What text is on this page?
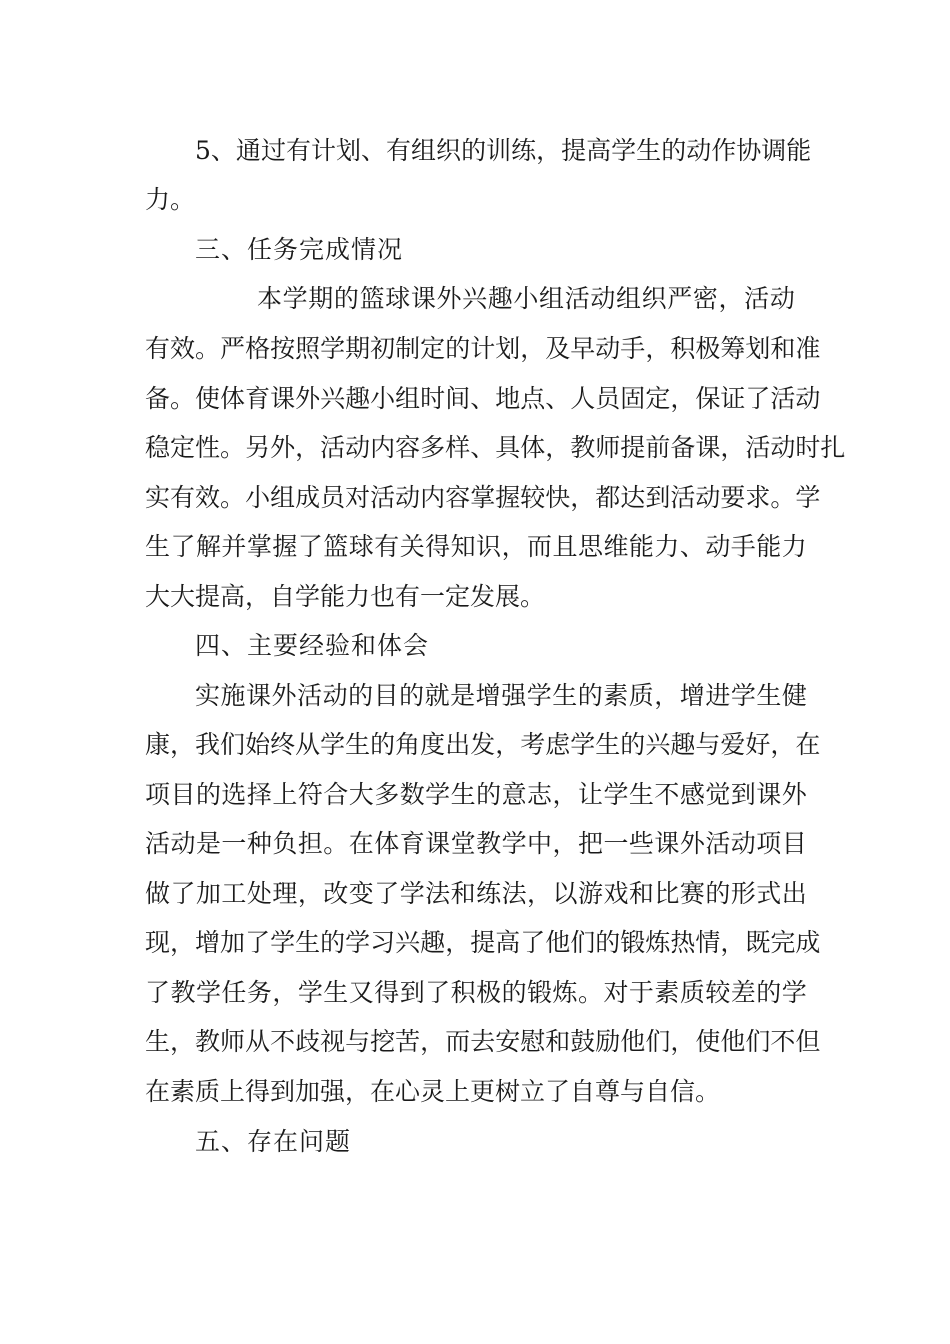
5 、 通 过 有 计 划 、 有 组 织 的 训 练 ， 提 高 学 生 的 动 作 协 调 能
力。
三、任务完成情况
本 学 期 的 篮 球 课 外 兴 趣 小 组 活 动 组 织 严 密 ， 活 动
有 效 。 严 格 按 照 学 期 初 制 定 的 计 划 ， 及 早 动 手 ， 积 极 筹 划 和 准
备 。 使 体 育 课 外 兴 趣 小 组 时 间 、 地 点 、 人 员 固 定 ， 保 证 了 活 动
稳 定 性 。 另 外 ， 活 动 内 容 多 样 、 具 体 ， 教 师 提 前 备 课 ， 活 动 时 扎
实 有 效 。 小 组 成 员 对 活 动 内 容 掌 握 较 快 ， 都 达 到 活 动 要 求 。 学
生 了 解 并 掌 握 了 篮 球 有 关 得 知 识 ， 而 且 思 维 能 力 、 动 手 能 力
大大提高，自学能力也有一定发展。
四、主要经验和体会
实 施 课 外 活 动 的 目 的 就 是 增 强 学 生 的 素 质 ， 增 进 学 生 健
康 ， 我 们 始 终 从 学 生 的 角 度 出 发 ， 考 虑 学 生 的 兴 趣 与 爱 好 ， 在
项 目 的 选 择 上 符 合 大 多 数 学 生 的 意 志 ， 让 学 生 不 感 觉 到 课 外
活 动 是 一 种 负 担 。 在 体 育 课 堂 教 学 中 ， 把 一 些 课 外 活 动 项 目
做 了 加 工 处 理 ， 改 变 了 学 法 和 练 法 ， 以 游 戏 和 比 赛 的 形 式 出
现 ， 增 加 了 学 生 的 学 习 兴 趣 ， 提 高 了 他 们 的 锻 炼 热 情 ， 既 完 成
了 教 学 任 务 ， 学 生 又 得 到 了 积 极 的 锻 炼 。 对 于 素 质 较 差 的 学
生 ， 教 师 从 不 歧 视 与 挖 苦 ， 而 去 安 慰 和 鼓 励 他 们 ， 使 他 们 不 但
在素质上得到加强，在心灵上更树立了自尊与自信。
五、存在问题
